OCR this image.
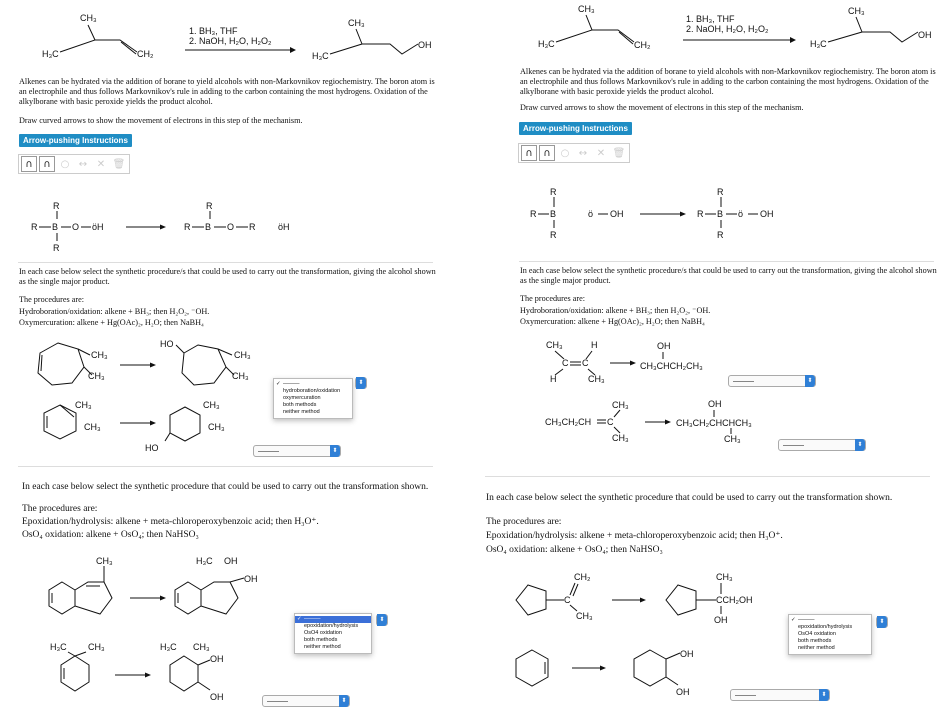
CH₃
H₃C	CH₂
1. BH₃, THF
2. NaOH, H₂O, H₂O₂
CH₃
H₃C
OH
Alkenes can be hydrated via the addition of borane to yield alcohols with non-Markovnikov regiochemistry. The boron atom is an electrophile and thus follows Markovnikov's rule in adding to the carbon containing the most hydrogens. Oxidation of the alkylborane with basic peroxide yields the product alcohol.
Draw curved arrows to show the movement of electrons in this step of the mechanism.
Arrow-pushing Instructions
∩	∩ ○ ↔ ✕ 🗑
R
R B O öH
R
R
R B O R	öH
In each case below select the synthetic procedure/s that could be used to carry out the transformation, giving the alcohol shown as the single major product.
The procedures are:
Hydroboration/oxidation: alkene + BH₃; then H₂O₂, ⁻OH.
Oxymercuration: alkene + Hg(OAc)₂, H₂O; then NaBH₄
CH₃
CH₃
HO
CH₃
CH₃
CH₃
CH₃
HO
CH₃
CH₃
✓ ———
hydroboration/oxidation
oxymercuration
both methods
neither method
⬍
———	⬍
In each case below select the synthetic procedure that could be used to carry out the transformation shown.
The procedures are:
Epoxidation/hydrolysis: alkene + meta-chloroperoxybenzoic acid; then H₃O⁺.
OsO₄ oxidation: alkene + OsO₄; then NaHSO₃
CH₃	H₃C OH
OH
H₃C CH₃	H₃C CH₃
OH
OH
✓ ———
epoxidation/hydrolysis
OsO4 oxidation
both methods
neither method
⬍
———	⬍
CH₃
H₃C	CH₂
1. BH₃, THF
2. NaOH, H₂O, H₂O₂
CH₃
H₃C
OH
Alkenes can be hydrated via the addition of borane to yield alcohols with non-Markovnikov regiochemistry. The boron atom is an electrophile and thus follows Markovnikov's rule in adding to the carbon containing the most hydrogens. Oxidation of the alkylborane with basic peroxide yields the product alcohol.
Draw curved arrows to show the movement of electrons in this step of the mechanism.
Arrow-pushing Instructions
∩	∩ ○ ↔ ✕ 🗑
R
R B
R
ö OH
R
R B ö OH
R
In each case below select the synthetic procedure/s that could be used to carry out the transformation, giving the alcohol shown as the single major product.
The procedures are:
Hydroboration/oxidation: alkene + BH₃; then H₂O₂, ⁻OH.
Oxymercuration: alkene + Hg(OAc)₂, H₂O; then NaBH₄
CH₃	H
C C
H	CH₃
OH
CH₃CHCH₂CH₃
CH₃
CH₃CH₂CH C
CH₃
OH
CH₃CH₂CHCHCH₃
CH₃
———	⬍
———	⬍
In each case below select the synthetic procedure that could be used to carry out the transformation shown.
The procedures are:
Epoxidation/hydrolysis: alkene + meta-chloroperoxybenzoic acid; then H₃O⁺.
OsO₄ oxidation: alkene + OsO₄; then NaHSO₃
C
CH₂
CH₃
CH₃
CCH₂OH
OH
OH
OH
✓ ———
epoxidation/hydrolysis
OsO4 oxidation
both methods
neither method
⬍
———	⬍
